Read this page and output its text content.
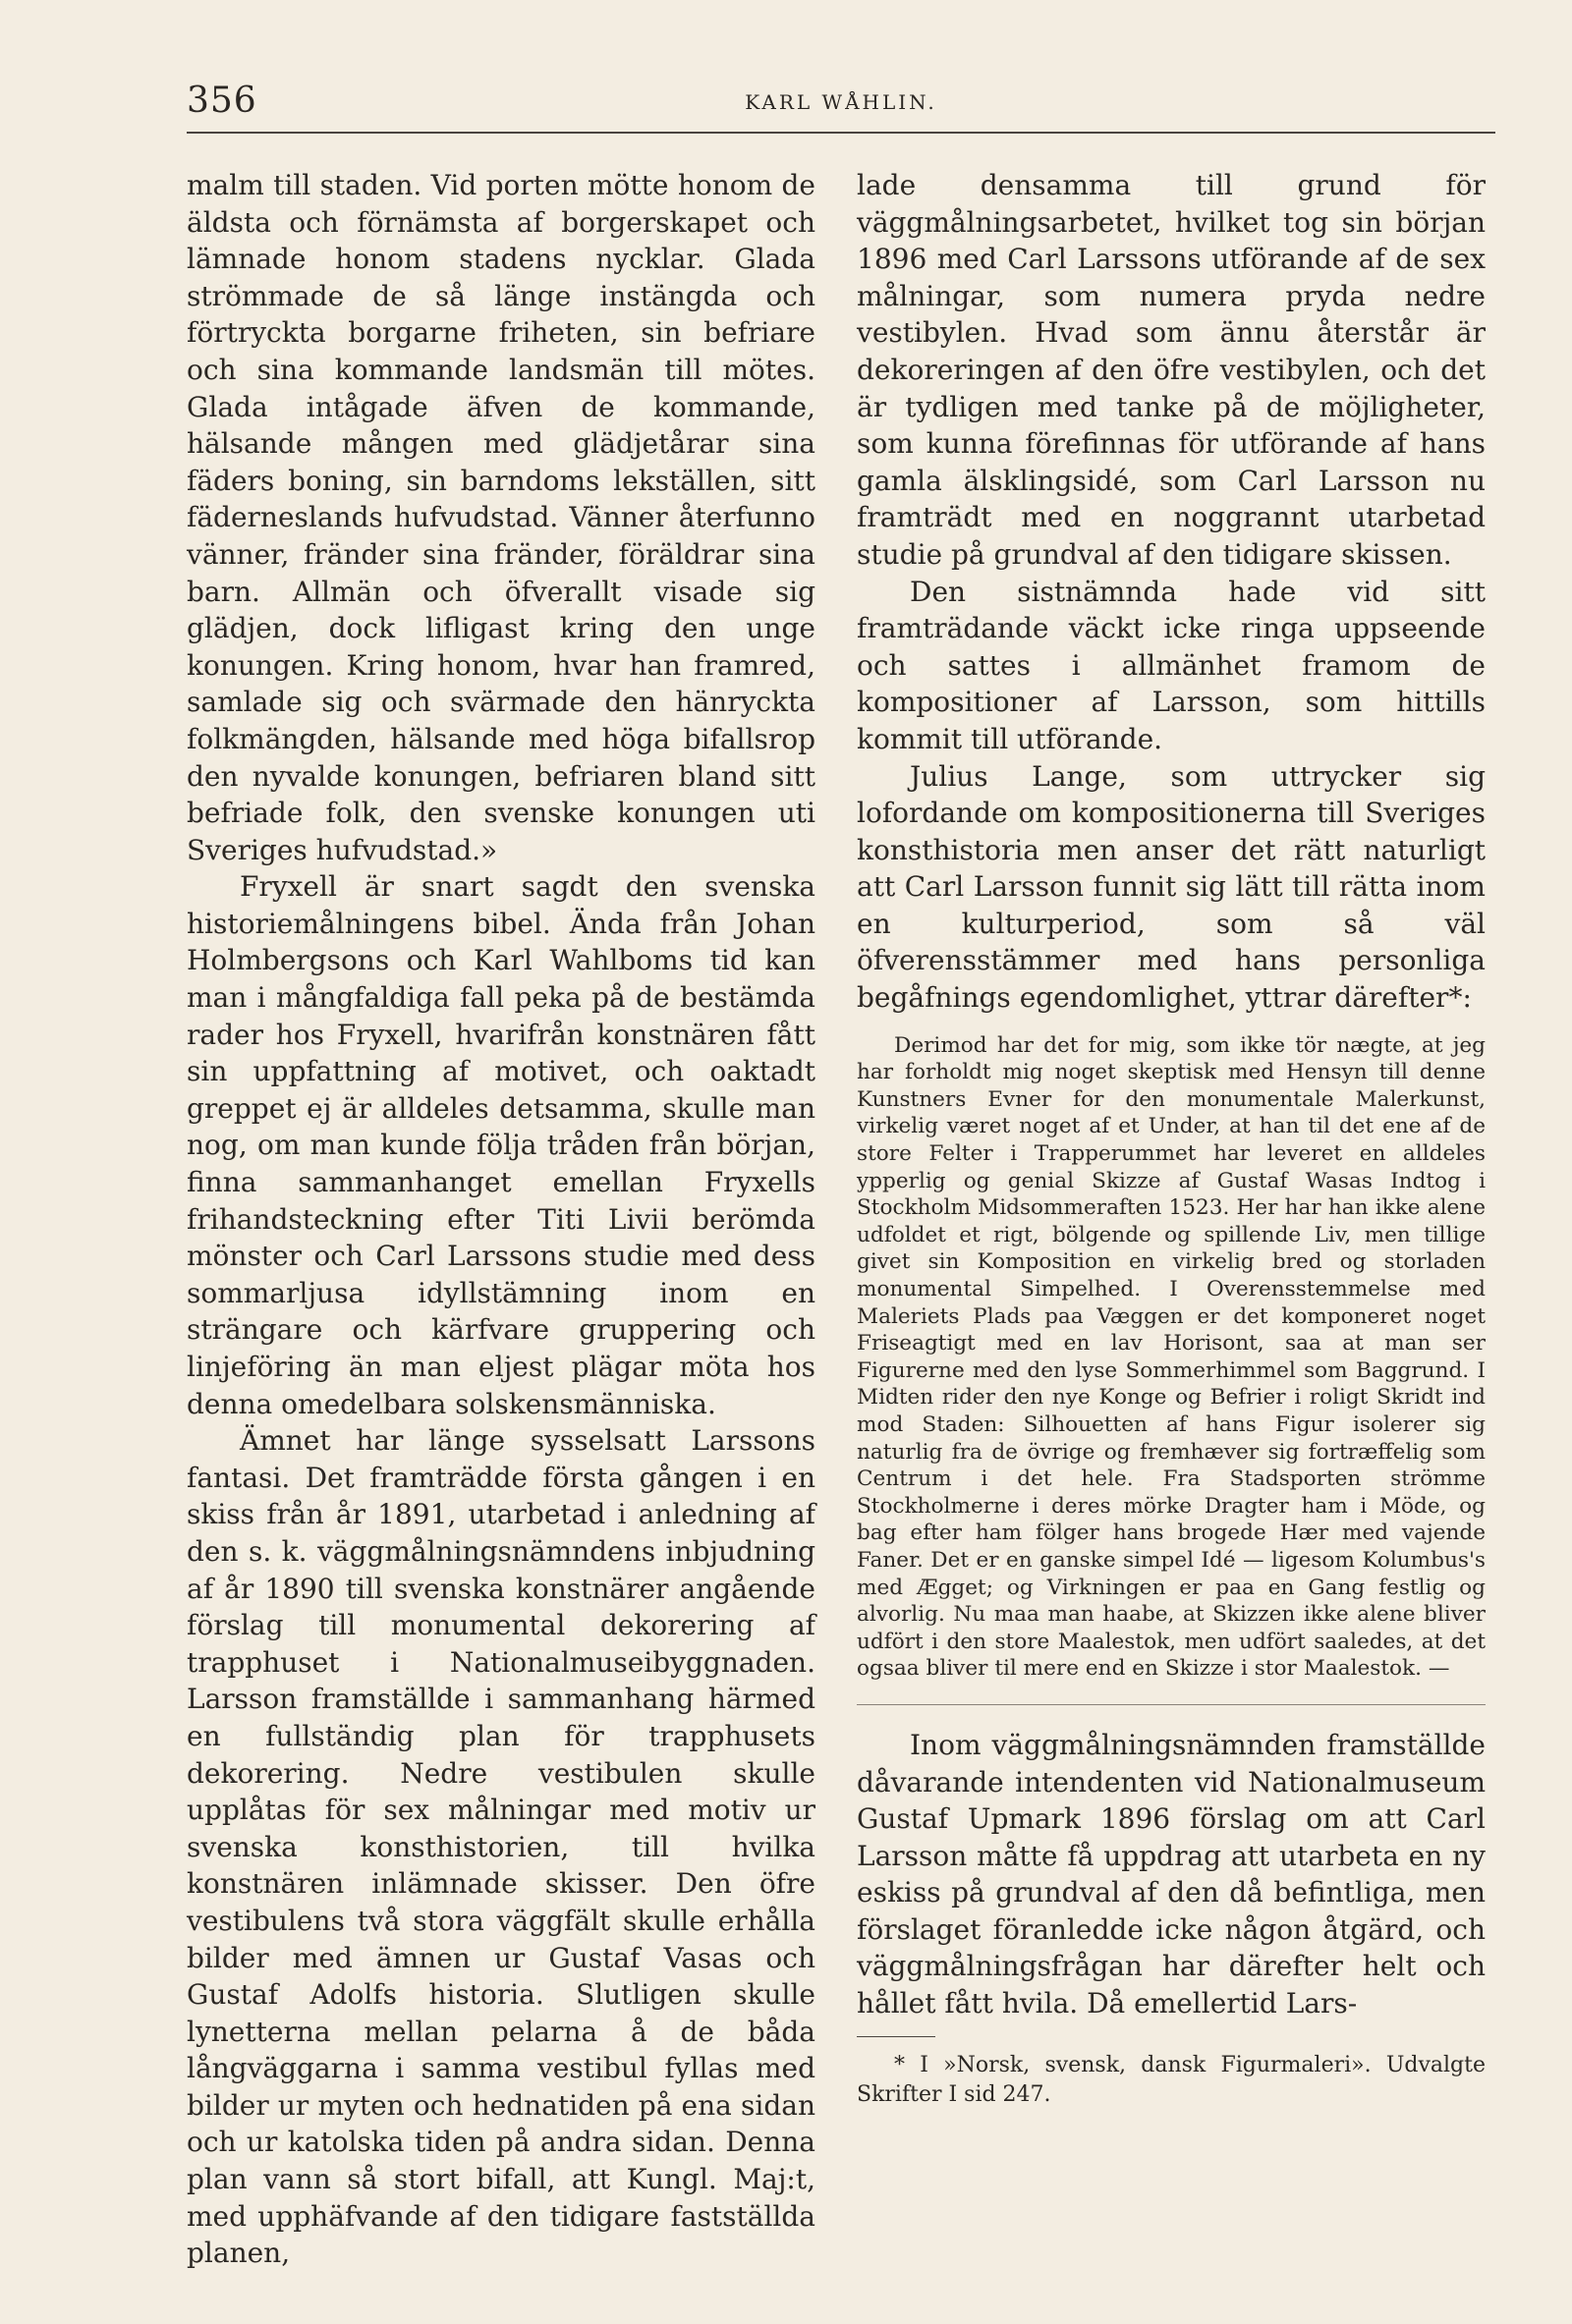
356	KARL WÅHLIN.

malm till staden. Vid porten mötte honom de äldsta och förnämsta af borgerskapet och lämnade honom stadens nycklar. Glada strömmade de så länge instängda och förtryckta borgarne friheten, sin befriare och sina kommande landsmän till mötes. Glada intågade äfven de kommande, hälsande mången med glädjetårar sina fäders boning, sin barndoms lekställen, sitt fäderneslands hufvudstad. Vänner återfunno vänner, fränder sina fränder, föräldrar sina barn. Allmän och öfverallt visade sig glädjen, dock lifligast kring den unge konungen. Kring honom, hvar han framred, samlade sig och svärmade den hänryckta folkmängden, hälsande med höga bifallsrop den nyvalde konungen, befriaren bland sitt befriade folk, den svenske konungen uti Sveriges hufvudstad.»

Fryxell är snart sagdt den svenska historiemålningens bibel. Ända från Johan Holmbergsons och Karl Wahlboms tid kan man i mångfaldiga fall peka på de bestämda rader hos Fryxell, hvarifrån konstnären fått sin uppfattning af motivet, och oaktadt greppet ej är alldeles detsamma, skulle man nog, om man kunde följa tråden från början, finna sammanhanget emellan Fryxells frihandsteckning efter Titi Livii berömda mönster och Carl Larssons studie med dess sommarljusa idyllstämning inom en strängare och kärfvare gruppering och linjeföring än man eljest plägar möta hos denna omedelbara solskensmänniska.

Ämnet har länge sysselsatt Larssons fantasi. Det framträdde första gången i en skiss från år 1891, utarbetad i anledning af den s. k. väggmålningsnämndens inbjudning af år 1890 till svenska konstnärer angående förslag till monumental dekorering af trapphuset i Nationalmuseibyggnaden. Larsson framställde i sammanhang härmed en fullständig plan för trapphusets dekorering. Nedre vestibulen skulle upplåtas för sex målningar med motiv ur svenska konsthistorien, till hvilka konstnären inlämnade skisser. Den öfre vestibulens två stora väggfält skulle erhålla bilder med ämnen ur Gustaf Vasas och Gustaf Adolfs historia. Slutligen skulle lynetterna mellan pelarna å de båda långväggarna i samma vestibul fyllas med bilder ur myten och hednatiden på ena sidan och ur katolska tiden på andra sidan. Denna plan vann så stort bifall, att Kungl. Maj:t, med upphäfvande af den tidigare fastställda planen,

lade densamma till grund för väggmålningsarbetet, hvilket tog sin början 1896 med Carl Larssons utförande af de sex målningar, som numera pryda nedre vestibylen. Hvad som ännu återstår är dekoreringen af den öfre vestibylen, och det är tydligen med tanke på de möjligheter, som kunna förefinnas för utförande af hans gamla älsklingsidé, som Carl Larsson nu framträdt med en noggrannt utarbetad studie på grundval af den tidigare skissen.

Den sistnämnda hade vid sitt framträdande väckt icke ringa uppseende och sattes i allmänhet framom de kompositioner af Larsson, som hittills kommit till utförande.

Julius Lange, som uttrycker sig lofordande om kompositionerna till Sveriges konsthistoria men anser det rätt naturligt att Carl Larsson funnit sig lätt till rätta inom en kulturperiod, som så väl öfverensstämmer med hans personliga begåfnings egendomlighet, yttrar därefter*:

Derimod har det for mig, som ikke tör nægte, at jeg har forholdt mig noget skeptisk med Hensyn till denne Kunstners Evner for den monumentale Malerkunst, virkelig været noget af et Under, at han til det ene af de store Felter i Trapperummet har leveret en alldeles ypperlig og genial Skizze af Gustaf Wasas Indtog i Stockholm Midsommeraften 1523. Her har han ikke alene udfoldet et rigt, bölgende og spillende Liv, men tillige givet sin Komposition en virkelig bred og storladen monumental Simpelhed. I Overensstemmelse med Maleriets Plads paa Væggen er det komponeret noget Friseagtigt med en lav Horisont, saa at man ser Figurerne med den lyse Sommerhimmel som Baggrund. I Midten rider den nye Konge og Befrier i roligt Skridt ind mod Staden: Silhouetten af hans Figur isolerer sig naturlig fra de övrige og fremhæver sig fortræffelig som Centrum i det hele. Fra Stadsporten strömme Stockholmerne i deres mörke Dragter ham i Möde, og bag efter ham fölger hans brogede Hær med vajende Faner. Det er en ganske simpel Idé — ligesom Kolumbus's med Ægget; og Virkningen er paa en Gang festlig og alvorlig. Nu maa man haabe, at Skizzen ikke alene bliver udfört i den store Maalestok, men udfört saaledes, at det ogsaa bliver til mere end en Skizze i stor Maalestok. —

Inom väggmålningsnämnden framställde dåvarande intendenten vid Nationalmuseum Gustaf Upmark 1896 förslag om att Carl Larsson måtte få uppdrag att utarbeta en ny eskiss på grundval af den då befintliga, men förslaget föranledde icke någon åtgärd, och väggmålningsfrågan har därefter helt och hållet fått hvila. Då emellertid Lars-

* I »Norsk, svensk, dansk Figurmaleri». Udvalgte Skrifter I sid 247.
